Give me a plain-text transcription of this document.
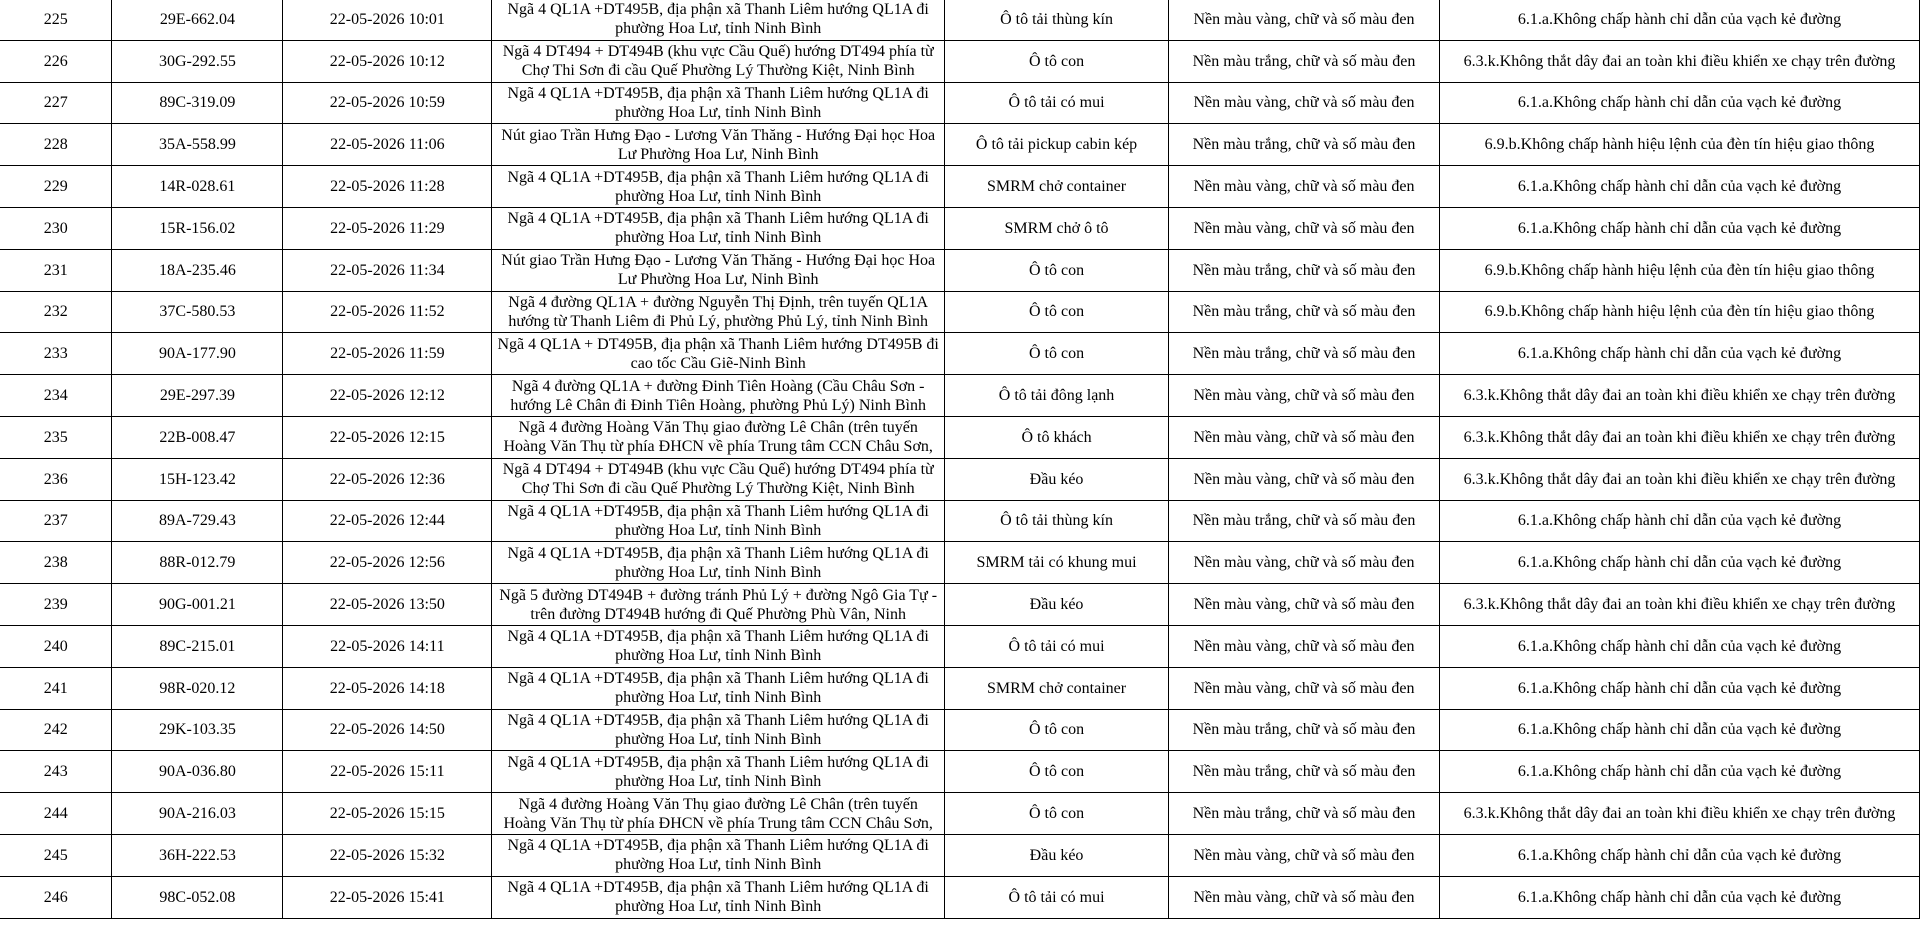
225	29E-662.04	22-05-2026 10:01	Ngã 4 QL1A +DT495B, địa phận xã Thanh Liêm hướng QL1A đi phường Hoa Lư, tỉnh Ninh Bình	Ô tô tải thùng kín	Nền màu vàng, chữ và số màu đen	6.1.a.Không chấp hành chỉ dẫn của vạch kẻ đường
226	30G-292.55	22-05-2026 10:12	Ngã 4 DT494 + DT494B (khu vực Cầu Quế) hướng DT494 phía từ Chợ Thi Sơn đi cầu Quế Phường Lý Thường Kiệt, Ninh Bình	Ô tô con	Nền màu trắng, chữ và số màu đen	6.3.k.Không thắt dây đai an toàn khi điều khiển xe chạy trên đường
227	89C-319.09	22-05-2026 10:59	Ngã 4 QL1A +DT495B, địa phận xã Thanh Liêm hướng QL1A đi phường Hoa Lư, tỉnh Ninh Bình	Ô tô tải có mui	Nền màu vàng, chữ và số màu đen	6.1.a.Không chấp hành chỉ dẫn của vạch kẻ đường
228	35A-558.99	22-05-2026 11:06	Nút giao Trần Hưng Đạo - Lương Văn Thăng - Hướng Đại học Hoa Lư Phường Hoa Lư, Ninh Bình	Ô tô tải pickup cabin kép	Nền màu trắng, chữ và số màu đen	6.9.b.Không chấp hành hiệu lệnh của đèn tín hiệu giao thông
229	14R-028.61	22-05-2026 11:28	Ngã 4 QL1A +DT495B, địa phận xã Thanh Liêm hướng QL1A đi phường Hoa Lư, tỉnh Ninh Bình	SMRM chở container	Nền màu vàng, chữ và số màu đen	6.1.a.Không chấp hành chỉ dẫn của vạch kẻ đường
230	15R-156.02	22-05-2026 11:29	Ngã 4 QL1A +DT495B, địa phận xã Thanh Liêm hướng QL1A đi phường Hoa Lư, tỉnh Ninh Bình	SMRM chở ô tô	Nền màu vàng, chữ và số màu đen	6.1.a.Không chấp hành chỉ dẫn của vạch kẻ đường
231	18A-235.46	22-05-2026 11:34	Nút giao Trần Hưng Đạo - Lương Văn Thăng - Hướng Đại học Hoa Lư Phường Hoa Lư, Ninh Bình	Ô tô con	Nền màu trắng, chữ và số màu đen	6.9.b.Không chấp hành hiệu lệnh của đèn tín hiệu giao thông
232	37C-580.53	22-05-2026 11:52	Ngã 4 đường QL1A + đường Nguyễn Thị Định, trên tuyến QL1A hướng từ Thanh Liêm đi Phủ Lý, phường Phủ Lý, tỉnh Ninh Bình	Ô tô con	Nền màu trắng, chữ và số màu đen	6.9.b.Không chấp hành hiệu lệnh của đèn tín hiệu giao thông
233	90A-177.90	22-05-2026 11:59	Ngã 4 QL1A + DT495B, địa phận xã Thanh Liêm hướng DT495B đi cao tốc Cầu Giẽ-Ninh Bình	Ô tô con	Nền màu trắng, chữ và số màu đen	6.1.a.Không chấp hành chỉ dẫn của vạch kẻ đường
234	29E-297.39	22-05-2026 12:12	Ngã 4 đường QL1A + đường Đinh Tiên Hoàng (Cầu Châu Sơn - hướng Lê Chân đi Đinh Tiên Hoàng, phường Phủ Lý) Ninh Bình	Ô tô tải đông lạnh	Nền màu vàng, chữ và số màu đen	6.3.k.Không thắt dây đai an toàn khi điều khiển xe chạy trên đường
235	22B-008.47	22-05-2026 12:15	Ngã 4 đường Hoàng Văn Thụ giao đường Lê Chân (trên tuyến Hoàng Văn Thụ từ phía ĐHCN về phía Trung tâm CCN Châu Sơn,	Ô tô khách	Nền màu vàng, chữ và số màu đen	6.3.k.Không thắt dây đai an toàn khi điều khiển xe chạy trên đường
236	15H-123.42	22-05-2026 12:36	Ngã 4 DT494 + DT494B (khu vực Cầu Quế) hướng DT494 phía từ Chợ Thi Sơn đi cầu Quế Phường Lý Thường Kiệt, Ninh Bình	Đầu kéo	Nền màu vàng, chữ và số màu đen	6.3.k.Không thắt dây đai an toàn khi điều khiển xe chạy trên đường
237	89A-729.43	22-05-2026 12:44	Ngã 4 QL1A +DT495B, địa phận xã Thanh Liêm hướng QL1A đi phường Hoa Lư, tỉnh Ninh Bình	Ô tô tải thùng kín	Nền màu trắng, chữ và số màu đen	6.1.a.Không chấp hành chỉ dẫn của vạch kẻ đường
238	88R-012.79	22-05-2026 12:56	Ngã 4 QL1A +DT495B, địa phận xã Thanh Liêm hướng QL1A đi phường Hoa Lư, tỉnh Ninh Bình	SMRM tải có khung mui	Nền màu vàng, chữ và số màu đen	6.1.a.Không chấp hành chỉ dẫn của vạch kẻ đường
239	90G-001.21	22-05-2026 13:50	Ngã 5 đường DT494B + đường tránh Phủ Lý + đường Ngô Gia Tự - trên đường DT494B hướng đi Quế Phường Phù Vân, Ninh	Đầu kéo	Nền màu vàng, chữ và số màu đen	6.3.k.Không thắt dây đai an toàn khi điều khiển xe chạy trên đường
240	89C-215.01	22-05-2026 14:11	Ngã 4 QL1A +DT495B, địa phận xã Thanh Liêm hướng QL1A đi phường Hoa Lư, tỉnh Ninh Bình	Ô tô tải có mui	Nền màu vàng, chữ và số màu đen	6.1.a.Không chấp hành chỉ dẫn của vạch kẻ đường
241	98R-020.12	22-05-2026 14:18	Ngã 4 QL1A +DT495B, địa phận xã Thanh Liêm hướng QL1A đi phường Hoa Lư, tỉnh Ninh Bình	SMRM chở container	Nền màu vàng, chữ và số màu đen	6.1.a.Không chấp hành chỉ dẫn của vạch kẻ đường
242	29K-103.35	22-05-2026 14:50	Ngã 4 QL1A +DT495B, địa phận xã Thanh Liêm hướng QL1A đi phường Hoa Lư, tỉnh Ninh Bình	Ô tô con	Nền màu trắng, chữ và số màu đen	6.1.a.Không chấp hành chỉ dẫn của vạch kẻ đường
243	90A-036.80	22-05-2026 15:11	Ngã 4 QL1A +DT495B, địa phận xã Thanh Liêm hướng QL1A đi phường Hoa Lư, tỉnh Ninh Bình	Ô tô con	Nền màu trắng, chữ và số màu đen	6.1.a.Không chấp hành chỉ dẫn của vạch kẻ đường
244	90A-216.03	22-05-2026 15:15	Ngã 4 đường Hoàng Văn Thụ giao đường Lê Chân (trên tuyến Hoàng Văn Thụ từ phía ĐHCN về phía Trung tâm CCN Châu Sơn,	Ô tô con	Nền màu trắng, chữ và số màu đen	6.3.k.Không thắt dây đai an toàn khi điều khiển xe chạy trên đường
245	36H-222.53	22-05-2026 15:32	Ngã 4 QL1A +DT495B, địa phận xã Thanh Liêm hướng QL1A đi phường Hoa Lư, tỉnh Ninh Bình	Đầu kéo	Nền màu vàng, chữ và số màu đen	6.1.a.Không chấp hành chỉ dẫn của vạch kẻ đường
246	98C-052.08	22-05-2026 15:41	Ngã 4 QL1A +DT495B, địa phận xã Thanh Liêm hướng QL1A đi phường Hoa Lư, tỉnh Ninh Bình	Ô tô tải có mui	Nền màu vàng, chữ và số màu đen	6.1.a.Không chấp hành chỉ dẫn của vạch kẻ đường
